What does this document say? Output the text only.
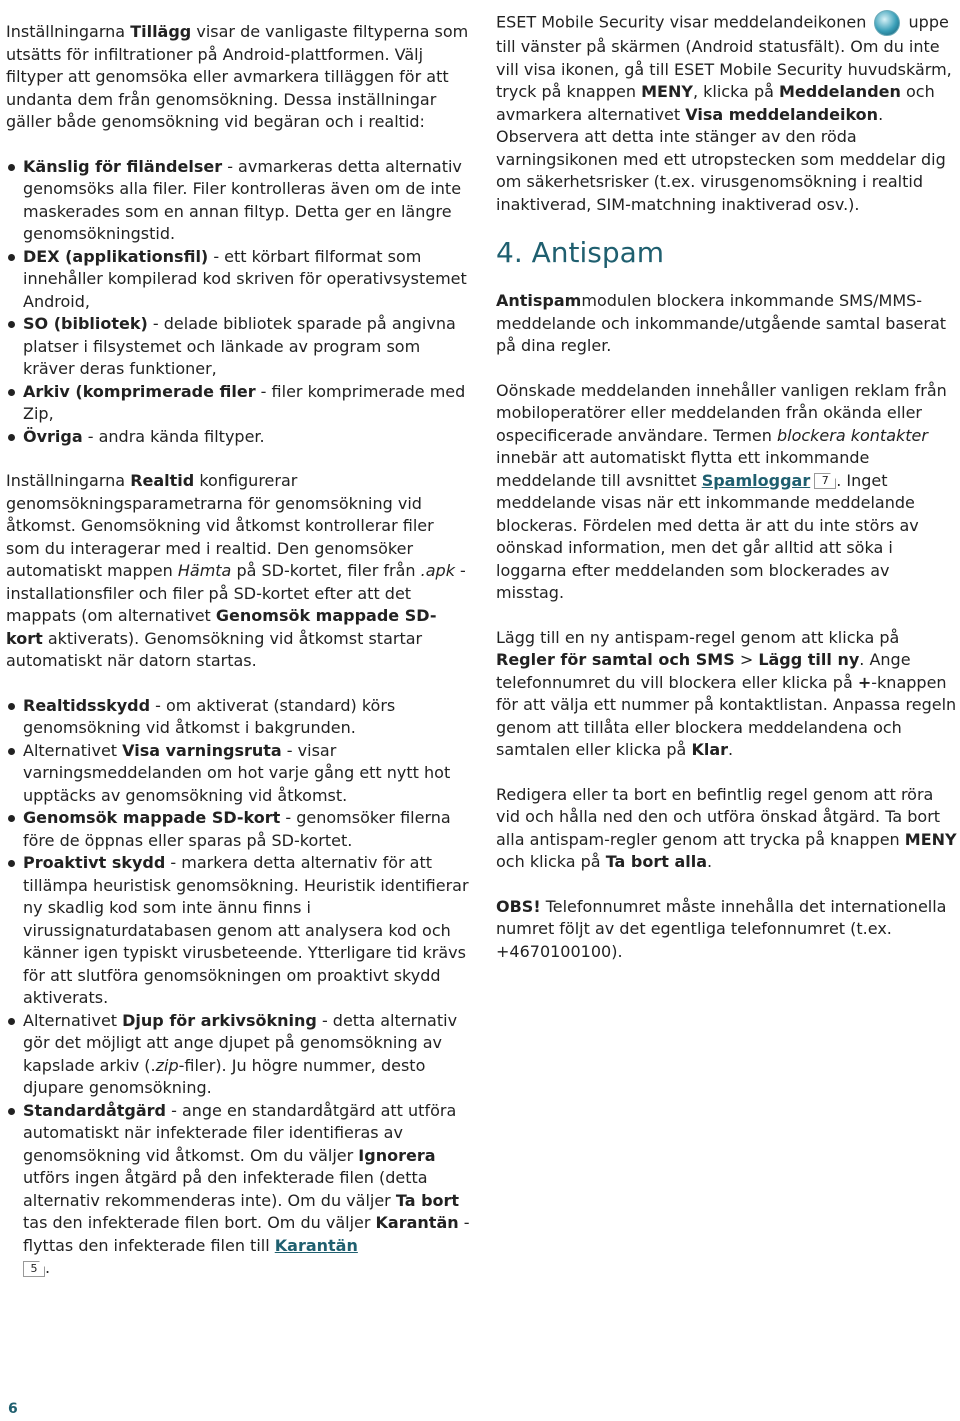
Inställningarna Tillägg visar de vanligaste filtyperna som utsätts för infiltrationer på Android-plattformen. Välj filtyper att genomsöka eller avmarkera tilläggen för att undanta dem från genomsökning. Dessa inställningar gäller både genomsökning vid begäran och i realtid:

Känslig för filändelser - avmarkeras detta alternativ genomsöks alla filer. Filer kontrolleras även om de inte maskerades som en annan filtyp. Detta ger en längre genomsökningstid.
DEX (applikationsfil) - ett körbart filformat som innehåller kompilerad kod skriven för operativsystemet Android,
SO (bibliotek) - delade bibliotek sparade på angivna platser i filsystemet och länkade av program som kräver deras funktioner,
Arkiv (komprimerade filer - filer komprimerade med Zip,
Övriga - andra kända filtyper.

Inställningarna Realtid konfigurerar genomsökningsparametrarna för genomsökning vid åtkomst. Genomsökning vid åtkomst kontrollerar filer som du interagerar med i realtid. Den genomsöker automatiskt mappen Hämta på SD-kortet, filer från .apk -installationsfiler och filer på SD-kortet efter att det mappats (om alternativet Genomsök mappade SD-kort aktiverats). Genomsökning vid åtkomst startar automatiskt när datorn startas.

Realtidsskydd - om aktiverat (standard) körs genomsökning vid åtkomst i bakgrunden.
Alternativet Visa varningsruta - visar varningsmeddelanden om hot varje gång ett nytt hot upptäcks av genomsökning vid åtkomst.
Genomsök mappade SD-kort - genomsöker filerna före de öppnas eller sparas på SD-kortet.
Proaktivt skydd - markera detta alternativ för att tillämpa heuristisk genomsökning. Heuristik identifierar ny skadlig kod som inte ännu finns i virussignaturdatabasen genom att analysera kod och känner igen typiskt virusbeteende. Ytterligare tid krävs för att slutföra genomsökningen om proaktivt skydd aktiverats.
Alternativet Djup för arkivsökning - detta alternativ gör det möjligt att ange djupet på genomsökning av kapslade arkiv (.zip-filer). Ju högre nummer, desto djupare genomsökning.
Standardåtgärd - ange en standardåtgärd att utföra automatiskt när infekterade filer identifieras av genomsökning vid åtkomst. Om du väljer Ignorera utförs ingen åtgärd på den infekterade filen (detta alternativ rekommenderas inte). Om du väljer Ta bort tas den infekterade filen bort. Om du väljer Karantän - flyttas den infekterade filen till Karantän
5 .

ESET Mobile Security visar meddelandeikonen  uppe till vänster på skärmen (Android statusfält). Om du inte vill visa ikonen, gå till ESET Mobile Security huvudskärm, tryck på knappen MENY, klicka på Meddelanden och avmarkera alternativet Visa meddelandeikon. Observera att detta inte stänger av den röda varningsikonen med ett utropstecken som meddelar dig om säkerhetsrisker (t.ex. virusgenomsökning i realtid inaktiverad, SIM-matchning inaktiverad osv.).

4. Antispam

Antispammodulen blockera inkommande SMS/MMS-meddelande och inkommande/utgående samtal baserat på dina regler.

Oönskade meddelanden innehåller vanligen reklam från mobiloperatörer eller meddelanden från okända eller ospecificerade användare. Termen blockera kontakter innebär att automatiskt flytta ett inkommande meddelande till avsnittet Spamloggar 7 . Inget meddelande visas när ett inkommande meddelande blockeras. Fördelen med detta är att du inte störs av oönskad information, men det går alltid att söka i loggarna efter meddelanden som blockerades av misstag.

Lägg till en ny antispam-regel genom att klicka på Regler för samtal och SMS > Lägg till ny. Ange telefonnumret du vill blockera eller klicka på +-knappen för att välja ett nummer på kontaktlistan. Anpassa regeln genom att tillåta eller blockera meddelandena och samtalen eller klicka på Klar.

Redigera eller ta bort en befintlig regel genom att röra vid och hålla ned den och utföra önskad åtgärd. Ta bort alla antispam-regler genom att trycka på knappen MENY och klicka på Ta bort alla.

OBS! Telefonnumret måste innehålla det internationella numret följt av det egentliga telefonnumret (t.ex. +4670100100).

6
